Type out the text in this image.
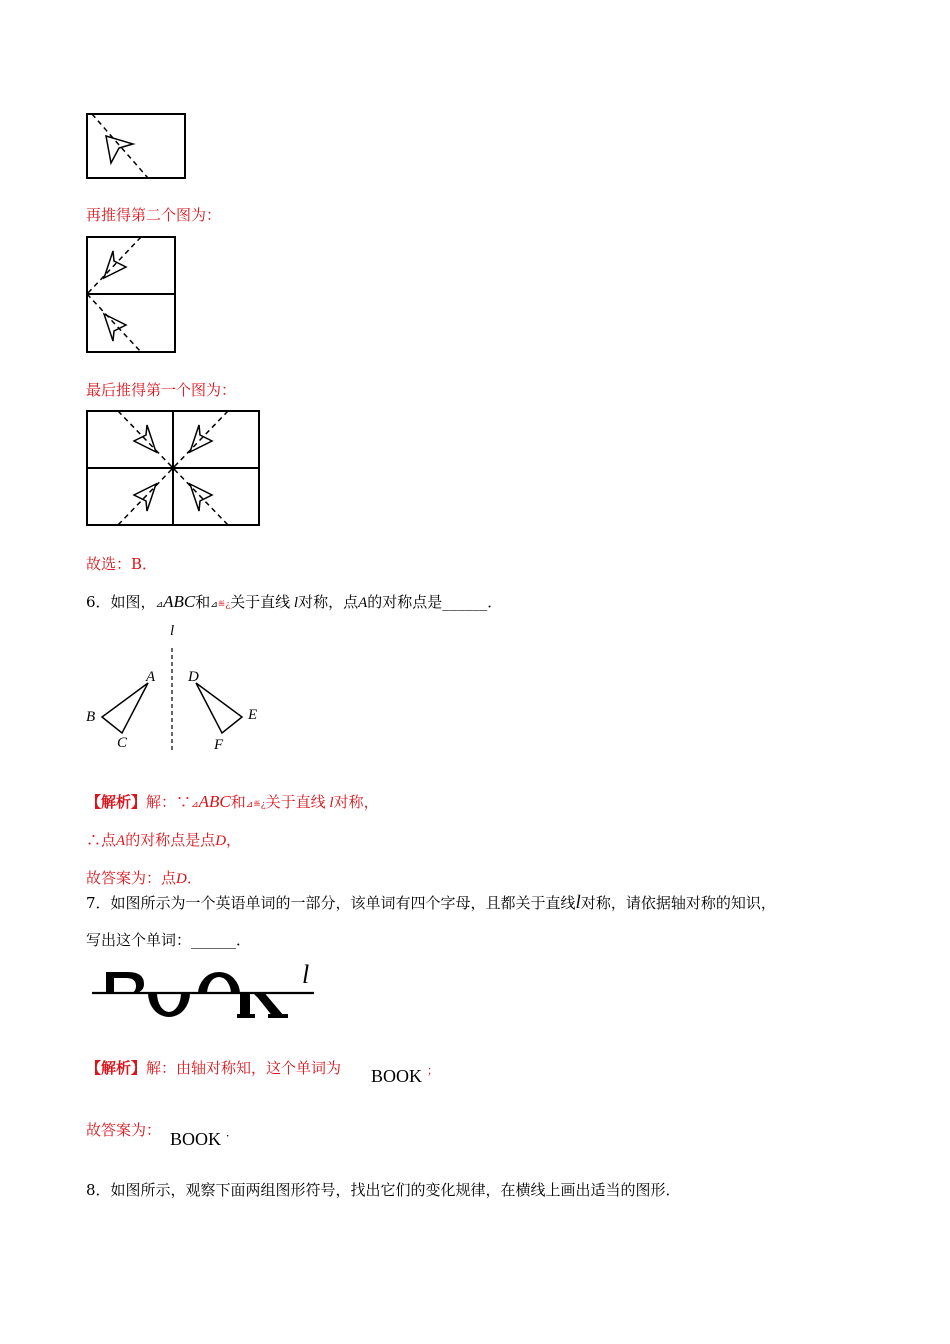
再推得第二个图为：
最后推得第一个图为：
故选：B．
6．如图，⊿ABC和⊿≝¿关于直线 l对称，点A的对称点是______．
l
A
B
C
D
E
F
【解析】解：∵⊿ABC和⊿≝¿关于直线 l对称，
∴点A的对称点是点D，
故答案为：点D．
7．如图所示为一个英语单词的一部分，该单词有四个字母，且都关于直线l对称，请依据轴对称的知识，
写出这个单词：______．
l
【解析】解：由轴对称知，这个单词为 BOOK ；
故答案为： BOOK ．
8．如图所示，观察下面两组图形符号，找出它们的变化规律，在横线上画出适当的图形．
